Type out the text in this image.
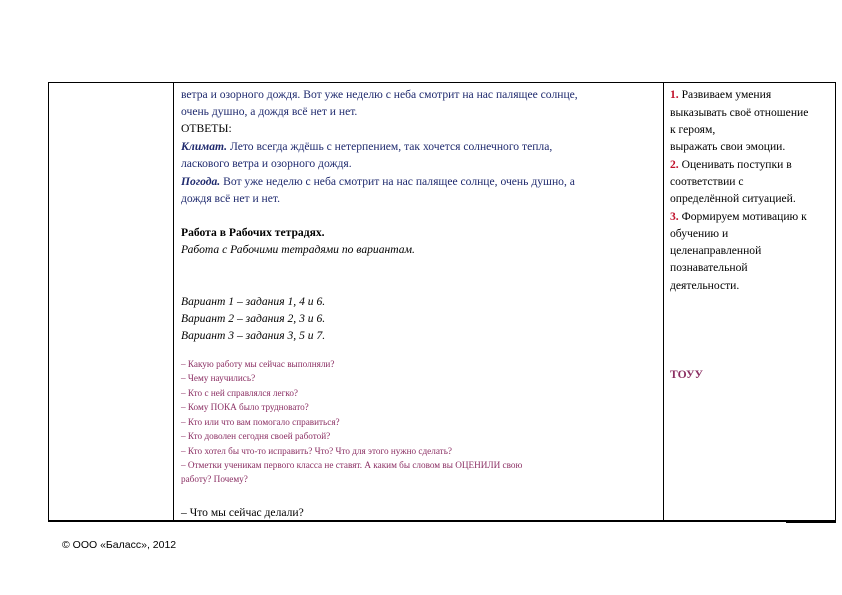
ветра и озорного дождя. Вот уже неделю с неба смотрит на нас палящее солнце,
очень душно, а дождя всё нет и нет.
ОТВЕТЫ:
Климат. Лето всегда ждёшь с нетерпением, так хочется солнечного тепла,
ласкового ветра и озорного дождя.
Погода. Вот уже неделю с неба смотрит на нас палящее солнце, очень душно, а
дождя всё нет и нет.
Работа в Рабочих тетрадях.
Работа с Рабочими тетрадями по вариантам.
Вариант 1 – задания 1, 4 и 6.
Вариант 2 – задания 2, 3 и 6.
Вариант 3 – задания 3, 5 и 7.
– Какую работу мы сейчас выполняли?
– Чему научились?
– Кто с ней справлялся легко?
– Кому ПОКА было трудновато?
– Кто или что вам помогало справиться?
– Кто доволен сегодня своей работой?
– Кто хотел бы что-то исправить? Что? Что для этого нужно сделать?
– Отметки ученикам первого класса не ставят. А каким бы словом вы ОЦЕНИЛИ свою
работу? Почему?
– Что мы сейчас делали?
1. Развиваем умения
выказывать своё отношение
к героям,
выражать свои эмоции.
2. Оценивать поступки в
соответствии с
определённой ситуацией.
3. Формируем мотивацию к
обучению и
целенаправленной
познавательной
деятельности.
ТОУУ
© ООО «Баласс», 2012
